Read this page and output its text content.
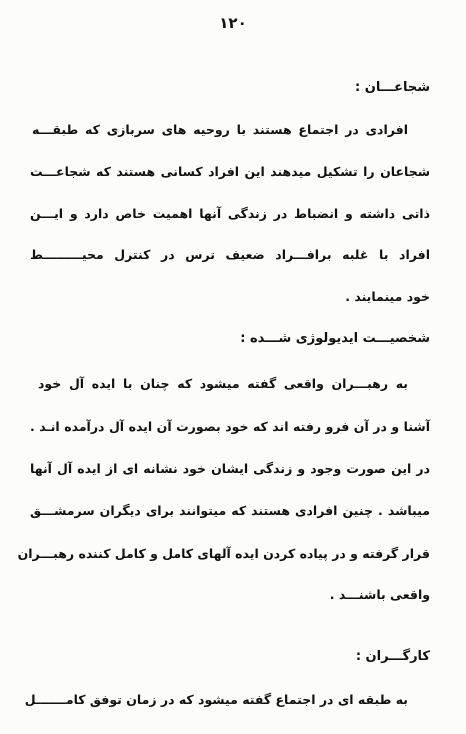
١٢٠
شجاعـــان :
افرادی در اجتماع هستند با روحیه های سربازی که طبقـــه
شجاعان را تشکیل میدهند این افراد کسانی هستند که شجاعـــت
ذاتی داشته و انضباط در زندگی آنها اهمیت خاص دارد و ایـــن
افراد با غلبه برافـــراد ضعیف ترس در کنترل محیـــــــــط
خود مینمایند .
شخصیـــت ایدیولوژی شـــده :
به رهبـــران واقعی گفته میشود که چنان با ایده آل خود
آشنا و در آن فرو رفته اند که خود بصورت آن ایده آل درآمده انـد .
در این صورت وجود و زندگی ایشان خود نشانه ای از ایده آل آنها
میباشد . چنین افرادی هستند که میتوانند برای دیگران سرمشـــق
قرار گرفته و در پیاده کردن ایده آلهای کامل و کامل کننده رهبـــران
واقعی باشنـــد .
کارگـــران :
به طبقه ای در اجتماع گفته میشود که در زمان توفق کامـــــــل
